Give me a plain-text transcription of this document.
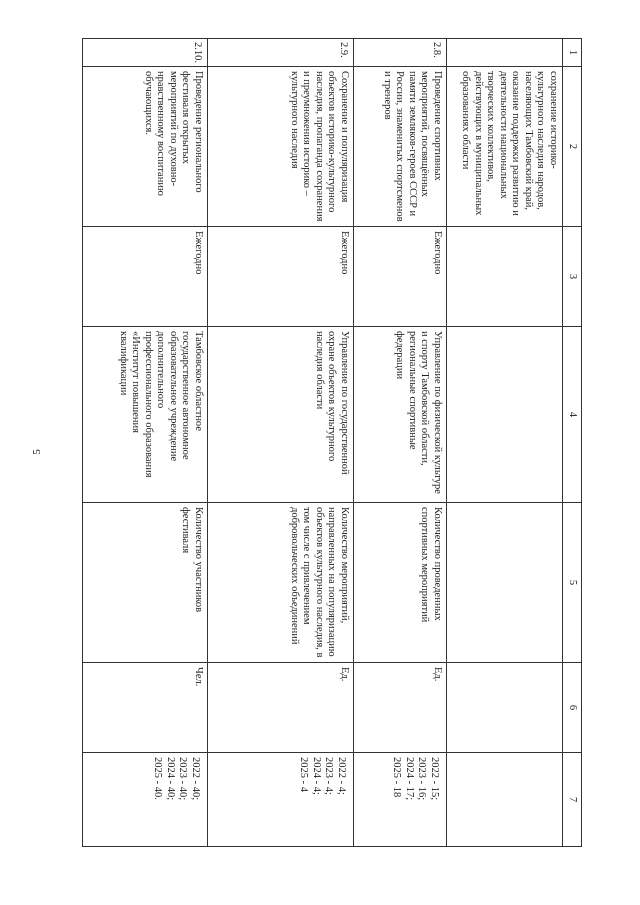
5
1	2	3	4	5	6	7
	сохранение историко-культурного наследия народов, населяющих Тамбовский край, оказание поддержки развитию и деятельности национальных творческих коллективов, действующих в муниципальных образованиях области					
2.8.	Проведение спортивных мероприятий, посвящённых памяти земляков-героев СССР и России, знаменитых спортсменов и тренеров	Ежегодно	Управление по физической культуре и спорту Тамбовской области, региональные спортивные федерации	Количество проведенных спортивных мероприятий	Ед.	2022 - 15;
2023 - 16;
2024 - 17;
2025 - 18

2.9.	Сохранение и популяризация объектов историко-культурного наследия, пропаганда сохранения и преумножения историко – культурного наследия	Ежегодно	Управление по государственной охране объектов культурного наследия области	Количество мероприятий, направленных на популяризацию объектов культурного наследия, в том числе с привлечением добровольческих объединений	Ед.	2022 - 4;
2023 - 4;
2024 - 4;
2025 - 4

2.10.	Проведение регионального фестиваля открытых мероприятий по духовно-нравственному воспитанию обучающихся.	Ежегодно	Тамбовское областное государственное автономное образовательное учреждение дополнительного профессионального образования «Институт повышения квалификации	Количество участников фестиваля	Чел.	2022 - 40;
2023 - 40;
2024 - 40;
2025 - 40.
